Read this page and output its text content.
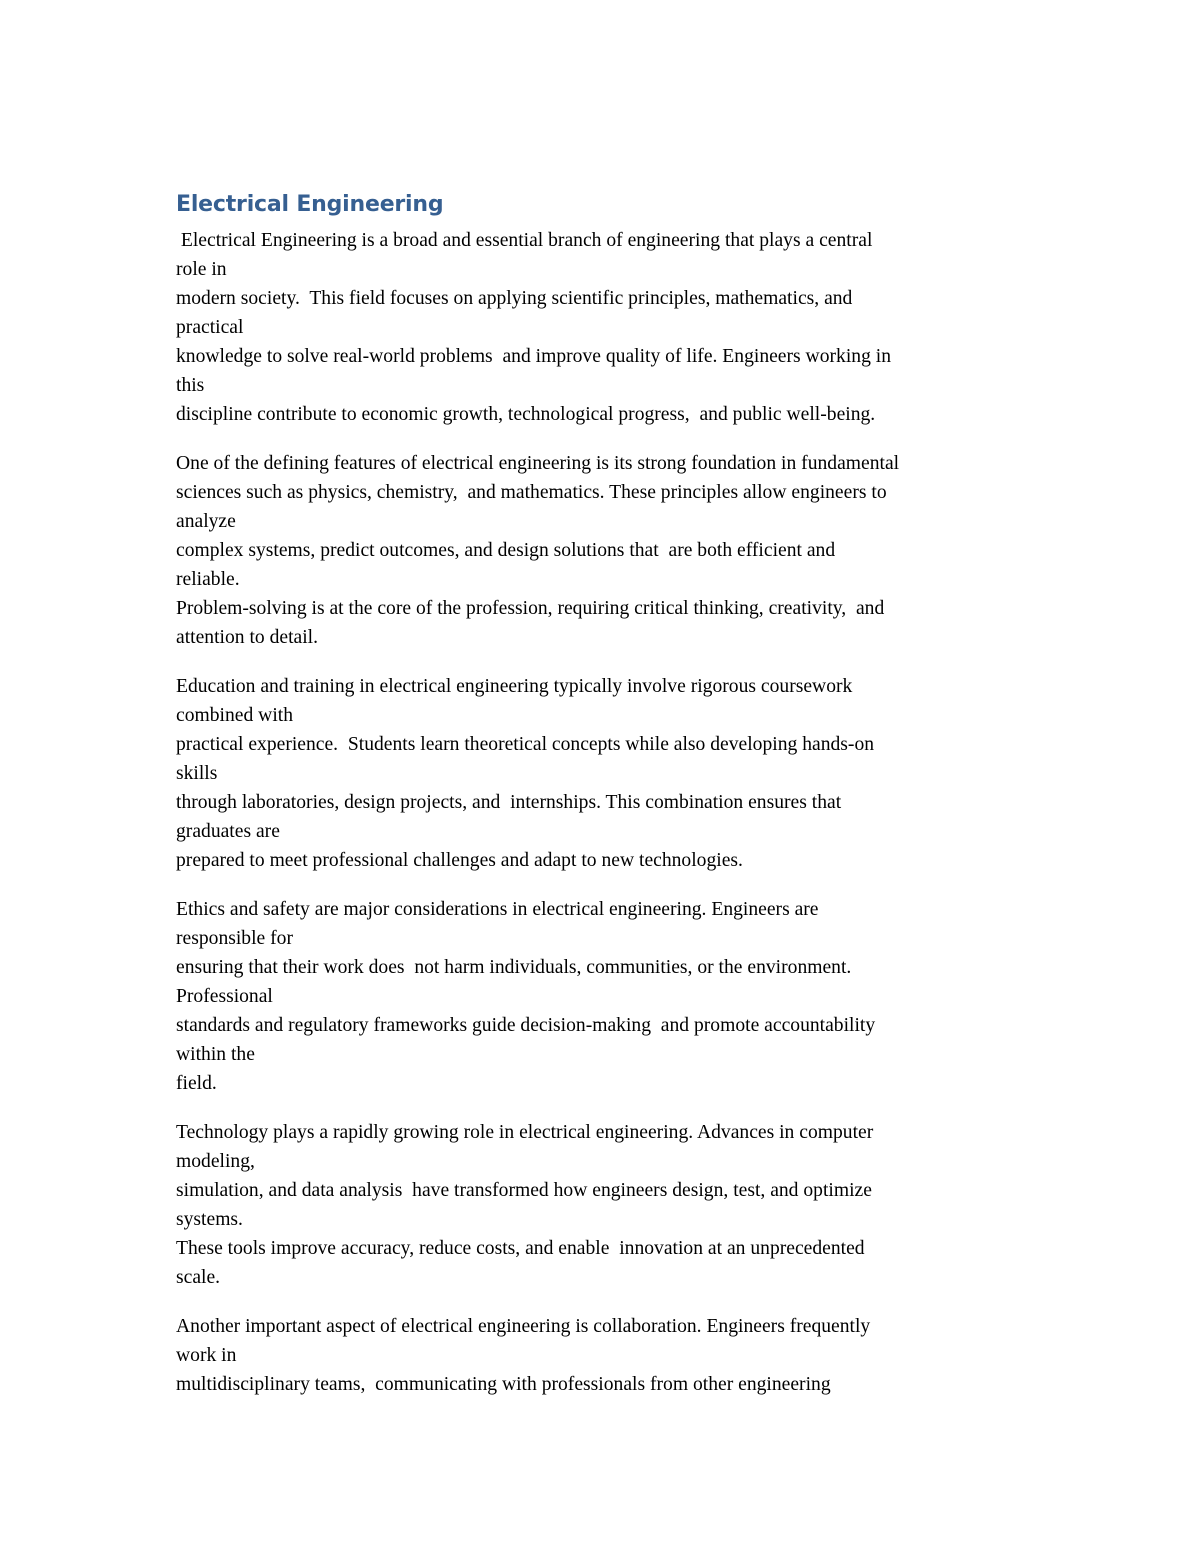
Electrical Engineering
Electrical Engineering is a broad and essential branch of engineering that plays a central
role in
modern society.  This field focuses on applying scientific principles, mathematics, and
practical
knowledge to solve real-world problems  and improve quality of life. Engineers working in
this
discipline contribute to economic growth, technological progress,  and public well-being.
One of the defining features of electrical engineering is its strong foundation in fundamental
sciences such as physics, chemistry,  and mathematics. These principles allow engineers to
analyze
complex systems, predict outcomes, and design solutions that  are both efficient and
reliable.
Problem-solving is at the core of the profession, requiring critical thinking, creativity,  and
attention to detail.
Education and training in electrical engineering typically involve rigorous coursework
combined with
practical experience.  Students learn theoretical concepts while also developing hands-on
skills
through laboratories, design projects, and  internships. This combination ensures that
graduates are
prepared to meet professional challenges and adapt to new technologies.
Ethics and safety are major considerations in electrical engineering. Engineers are
responsible for
ensuring that their work does  not harm individuals, communities, or the environment.
Professional
standards and regulatory frameworks guide decision-making  and promote accountability
within the
field.
Technology plays a rapidly growing role in electrical engineering. Advances in computer
modeling,
simulation, and data analysis  have transformed how engineers design, test, and optimize
systems.
These tools improve accuracy, reduce costs, and enable  innovation at an unprecedented
scale.
Another important aspect of electrical engineering is collaboration. Engineers frequently
work in
multidisciplinary teams,  communicating with professionals from other engineering
